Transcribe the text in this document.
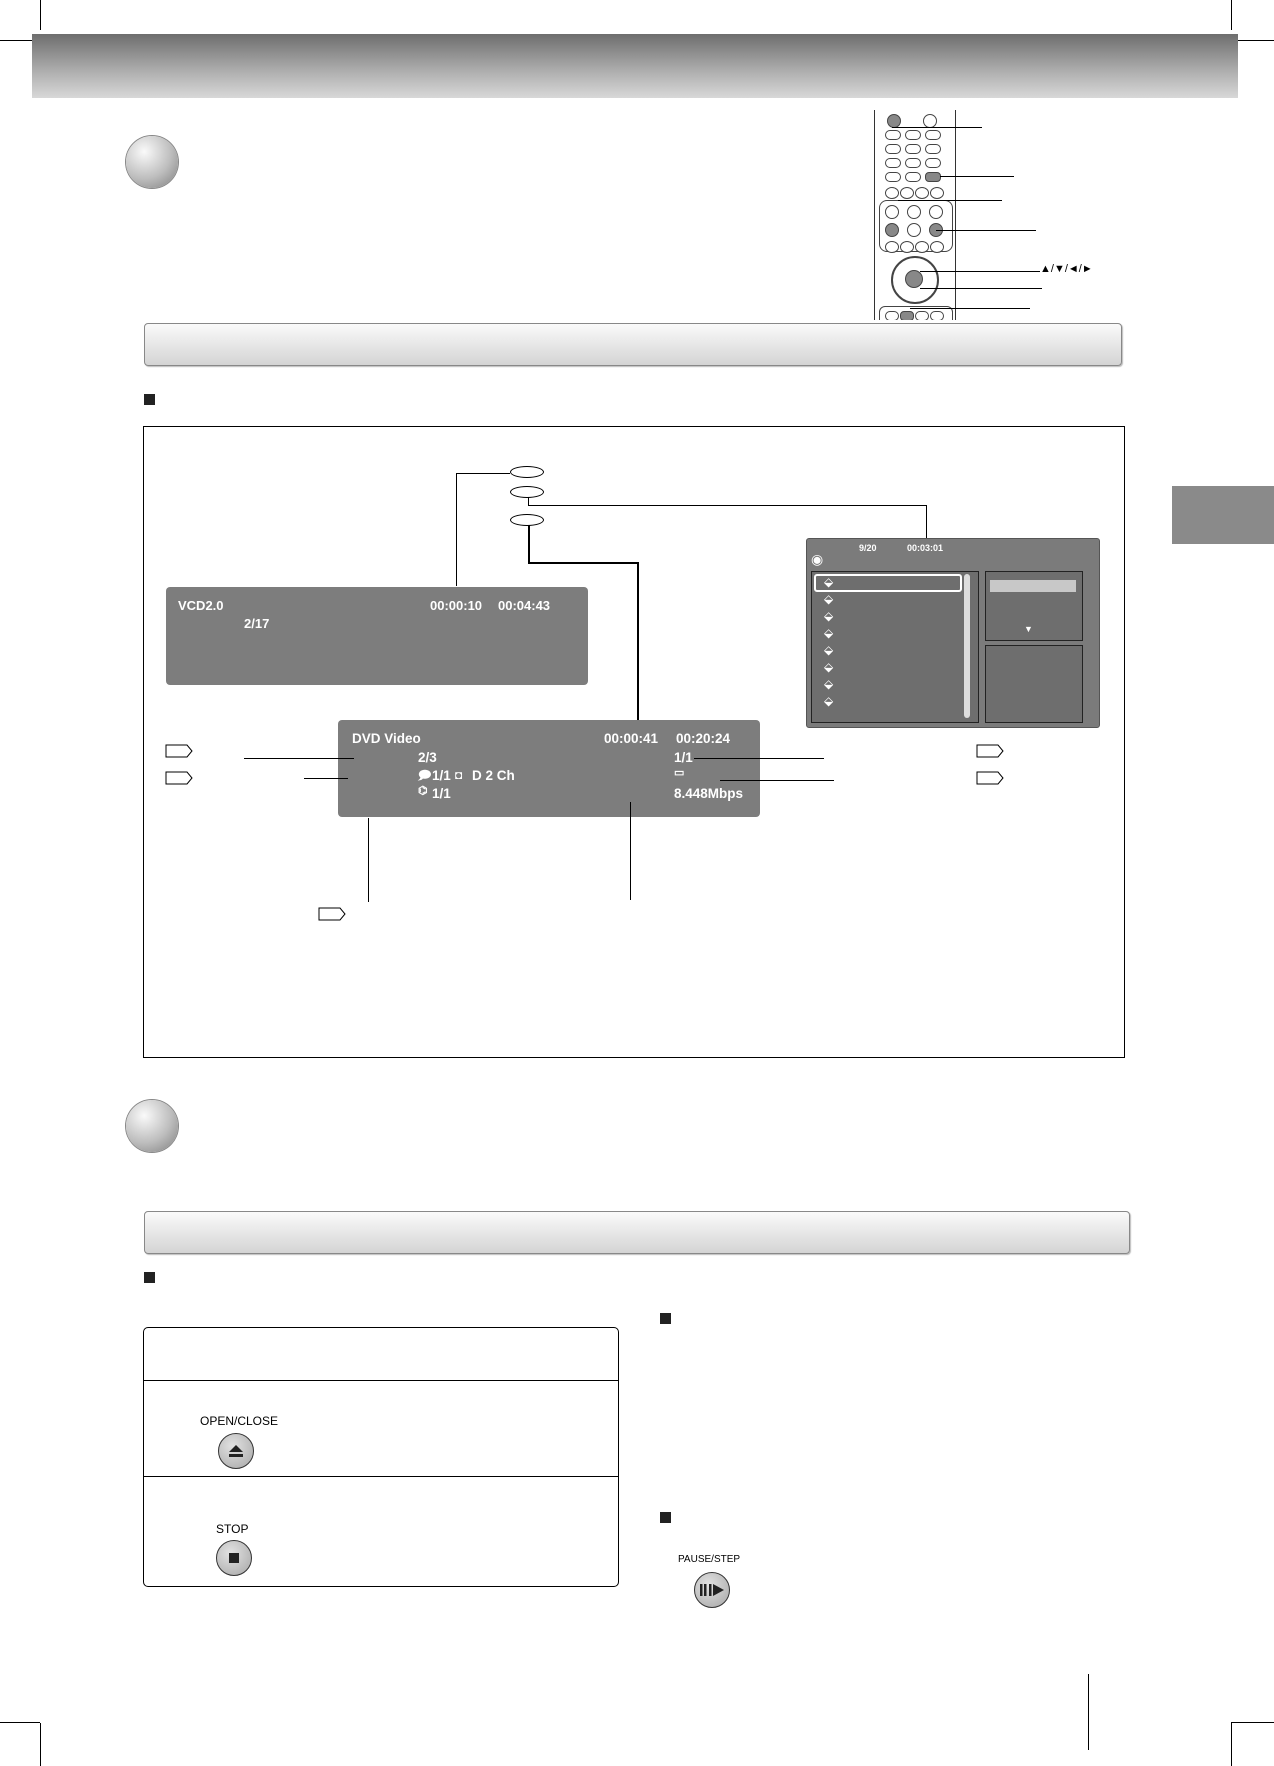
▲/▼/◄/►
VCD2.0	00:00:10 00:04:43
2/17
DVD Video	00:00:41 00:20:24
2/3	1/1
🗩 1/1 ◘ D 2 Ch	▭
⌬ 1/1	8.448Mbps
9/20	00:03:01
◉
⬙
⬙
⬙
⬙
⬙
⬙
⬙
⬙
▼
OPEN/CLOSE
STOP
PAUSE/STEP
